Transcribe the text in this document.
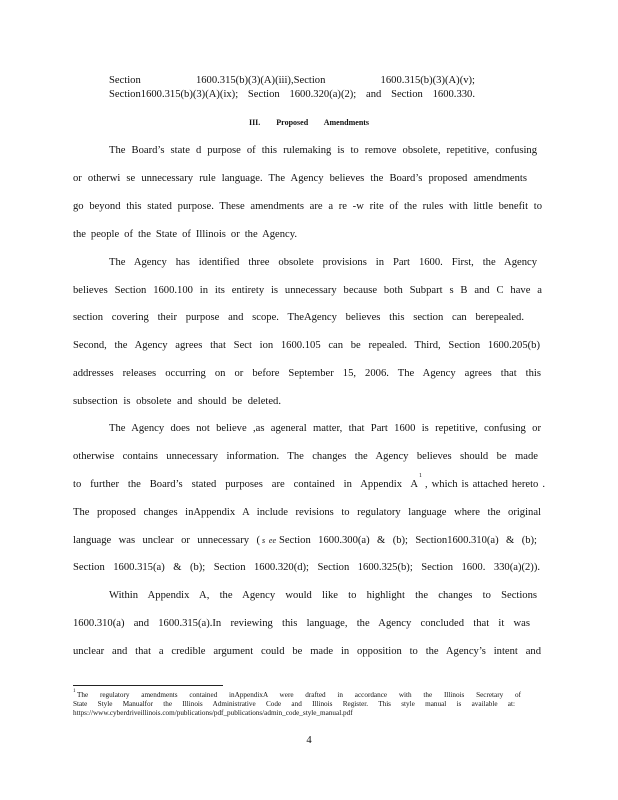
Section 1600.315(b)(3)(A)(iii),Section 1600.315(b)(3)(A)(v);
Section1600.315(b)(3)(A)(ix); Section 1600.320(a)(2); and Section 1600.330.
III. Proposed Amendments
The Board’s state d purpose of this rulemaking is to remove obsolete, repetitive, confusing
or otherwi se unnecessary rule language. The Agency believes the Board’s proposed amendments
go beyond this stated purpose. These amendments are a re -w rite of the rules with little benefit to
the people of the State of Illinois or the Agency.
The Agency has identified three obsolete provisions in Part 1600. First, the Agency
believes Section 1600.100 in its entirety is unnecessary because both Subpart s B and C have a
section covering their purpose and scope. TheAgency believes this section can berepealed.
Second, the Agency agrees that Sect ion 1600.105 can be repealed. Third, Section 1600.205(b)
addresses releases occurring on or before September 15, 2006. The Agency agrees that this
subsection is obsolete and should be deleted.
The Agency does not believe ,as ageneral matter, that Part 1600 is repetitive, confusing or
otherwise contains unnecessary information. The changes the Agency believes should be made
to further the Board’s stated purposes are contained in Appendix A
1
, which is attached hereto .
The proposed changes inAppendix A include revisions to regulatory language where the original
language was unclear or unnecessary ( s ee Section 1600.300(a) & (b); Section1600.310(a) & (b);
Section 1600.315(a) & (b); Section 1600.320(d); Section 1600.325(b); Section 1600. 330(a)(2)).
Within Appendix A, the Agency would like to highlight the changes to Sections
1600.310(a) and 1600.315(a).In reviewing this language, the Agency concluded that it was
unclear and that a credible argument could be made in opposition to the Agency’s intent and
1 The regulatory amendments contained inAppendixA were drafted in accordance with the Illinois Secretary of
State Style Manualfor the Illinois Administrative Code and Illinois Register. This style manual is available at:
https://www.cyberdriveillinois.com/publications/pdf_publications/admin_code_style_manual.pdf
4
